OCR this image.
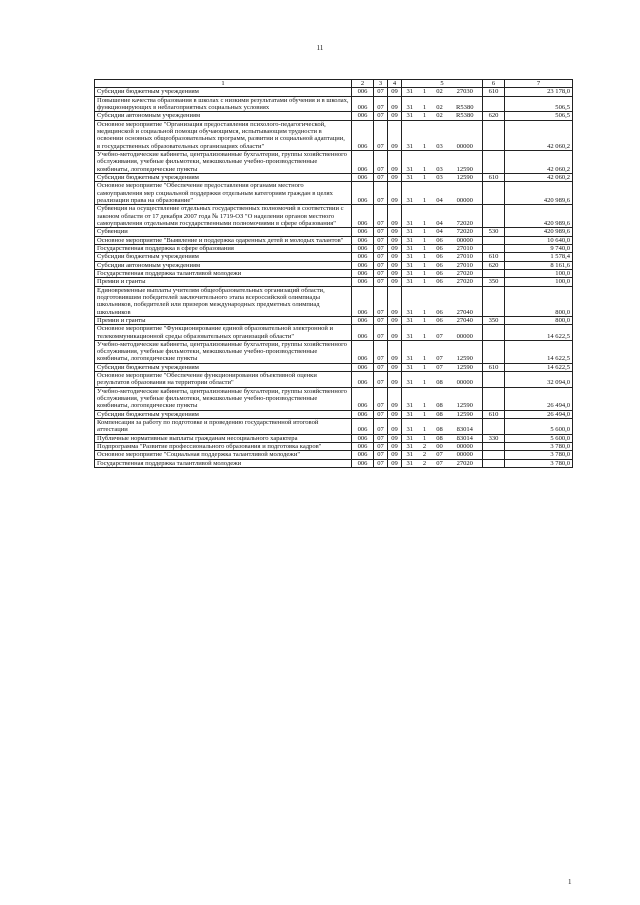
11
1	2	3	4	5				6	7
Субсидии бюджетным учреждениям	006	07	09	31	1	02	27030	610	23 178,0
Повышение качества образования в школах с низкими результатами обучения и в школах, функционирующих в неблагоприятных социальных условиях	006	07	09	31	1	02	R5380		506,5
Субсидии автономным учреждениям	006	07	09	31	1	02	R5380	620	506,5
Основное мероприятие "Организация предоставления психолого-педагогической, медицинской и социальной помощи обучающимся, испытывающим трудности в освоении основных общеобразовательных программ, развитии и социальной адаптации, в государственных образовательных организациях области"	006	07	09	31	1	03	00000		42 060,2
Учебно-методические кабинеты, централизованные бухгалтерии, группы хозяйственного обслуживания, учебные фильмотеки, межшкольные учебно-производственные комбинаты, логопедические пункты	006	07	09	31	1	03	12590		42 060,2
Субсидии бюджетным учреждениям	006	07	09	31	1	03	12590	610	42 060,2
Основное мероприятие "Обеспечение предоставления органами местного самоуправления мер социальной поддержки отдельным категориям граждан в целях реализации права на образование"	006	07	09	31	1	04	00000		420 989,6
Субвенция на осуществление отдельных государственных полномочий в соответствии с законом области от 17 декабря 2007 года № 1719-ОЗ "О наделении органов местного самоуправления отдельными государственными полномочиями в сфере образования"	006	07	09	31	1	04	72020		420 989,6
Субвенции	006	07	09	31	1	04	72020	530	420 989,6
Основное мероприятие "Выявление и поддержка одаренных детей и молодых талантов"	006	07	09	31	1	06	00000		10 640,0
Государственная поддержка в сфере образования	006	07	09	31	1	06	27010		9 740,0
Субсидии бюджетным учреждениям	006	07	09	31	1	06	27010	610	1 578,4
Субсидии автономным учреждениям	006	07	09	31	1	06	27010	620	8 161,6
Государственная поддержка талантливой молодежи	006	07	09	31	1	06	27020		100,0
Премии и гранты	006	07	09	31	1	06	27020	350	100,0
Единовременные выплаты учителям общеобразовательных организаций области, подготовившим победителей заключительного этапа всероссийской олимпиады школьников, победителей или призеров международных предметных олимпиад школьников	006	07	09	31	1	06	27040		800,0
Премии и гранты	006	07	09	31	1	06	27040	350	800,0
Основное мероприятие "Функционирование единой образовательной электронной и телекоммуникационной среды образовательных организаций области"	006	07	09	31	1	07	00000		14 622,5
Учебно-методические кабинеты, централизованные бухгалтерии, группы хозяйственного обслуживания, учебные фильмотеки, межшкольные учебно-производственные комбинаты, логопедические пункты	006	07	09	31	1	07	12590		14 622,5
Субсидии бюджетным учреждениям	006	07	09	31	1	07	12590	610	14 622,5
Основное мероприятие "Обеспечение функционирования объективной оценки результатов образования на территории области"	006	07	09	31	1	08	00000		32 094,0
Учебно-методические кабинеты, централизованные бухгалтерии, группы хозяйственного обслуживания, учебные фильмотеки, межшкольные учебно-производственные комбинаты, логопедические пункты	006	07	09	31	1	08	12590		26 494,0
Субсидии бюджетным учреждениям	006	07	09	31	1	08	12590	610	26 494,0
Компенсация за работу по подготовке и проведению государственной итоговой аттестации	006	07	09	31	1	08	83014		5 600,0
Публичные нормативные выплаты гражданам несоциального характера	006	07	09	31	1	08	83014	330	5 600,0
Подпрограмма "Развитие профессионального образования и подготовка кадров"	006	07	09	31	2	00	00000		3 780,0
Основное мероприятие "Социальная поддержка талантливой молодежи"	006	07	09	31	2	07	00000		3 780,0
Государственная поддержка талантливой молодежи	006	07	09	31	2	07	27020		3 780,0
1
